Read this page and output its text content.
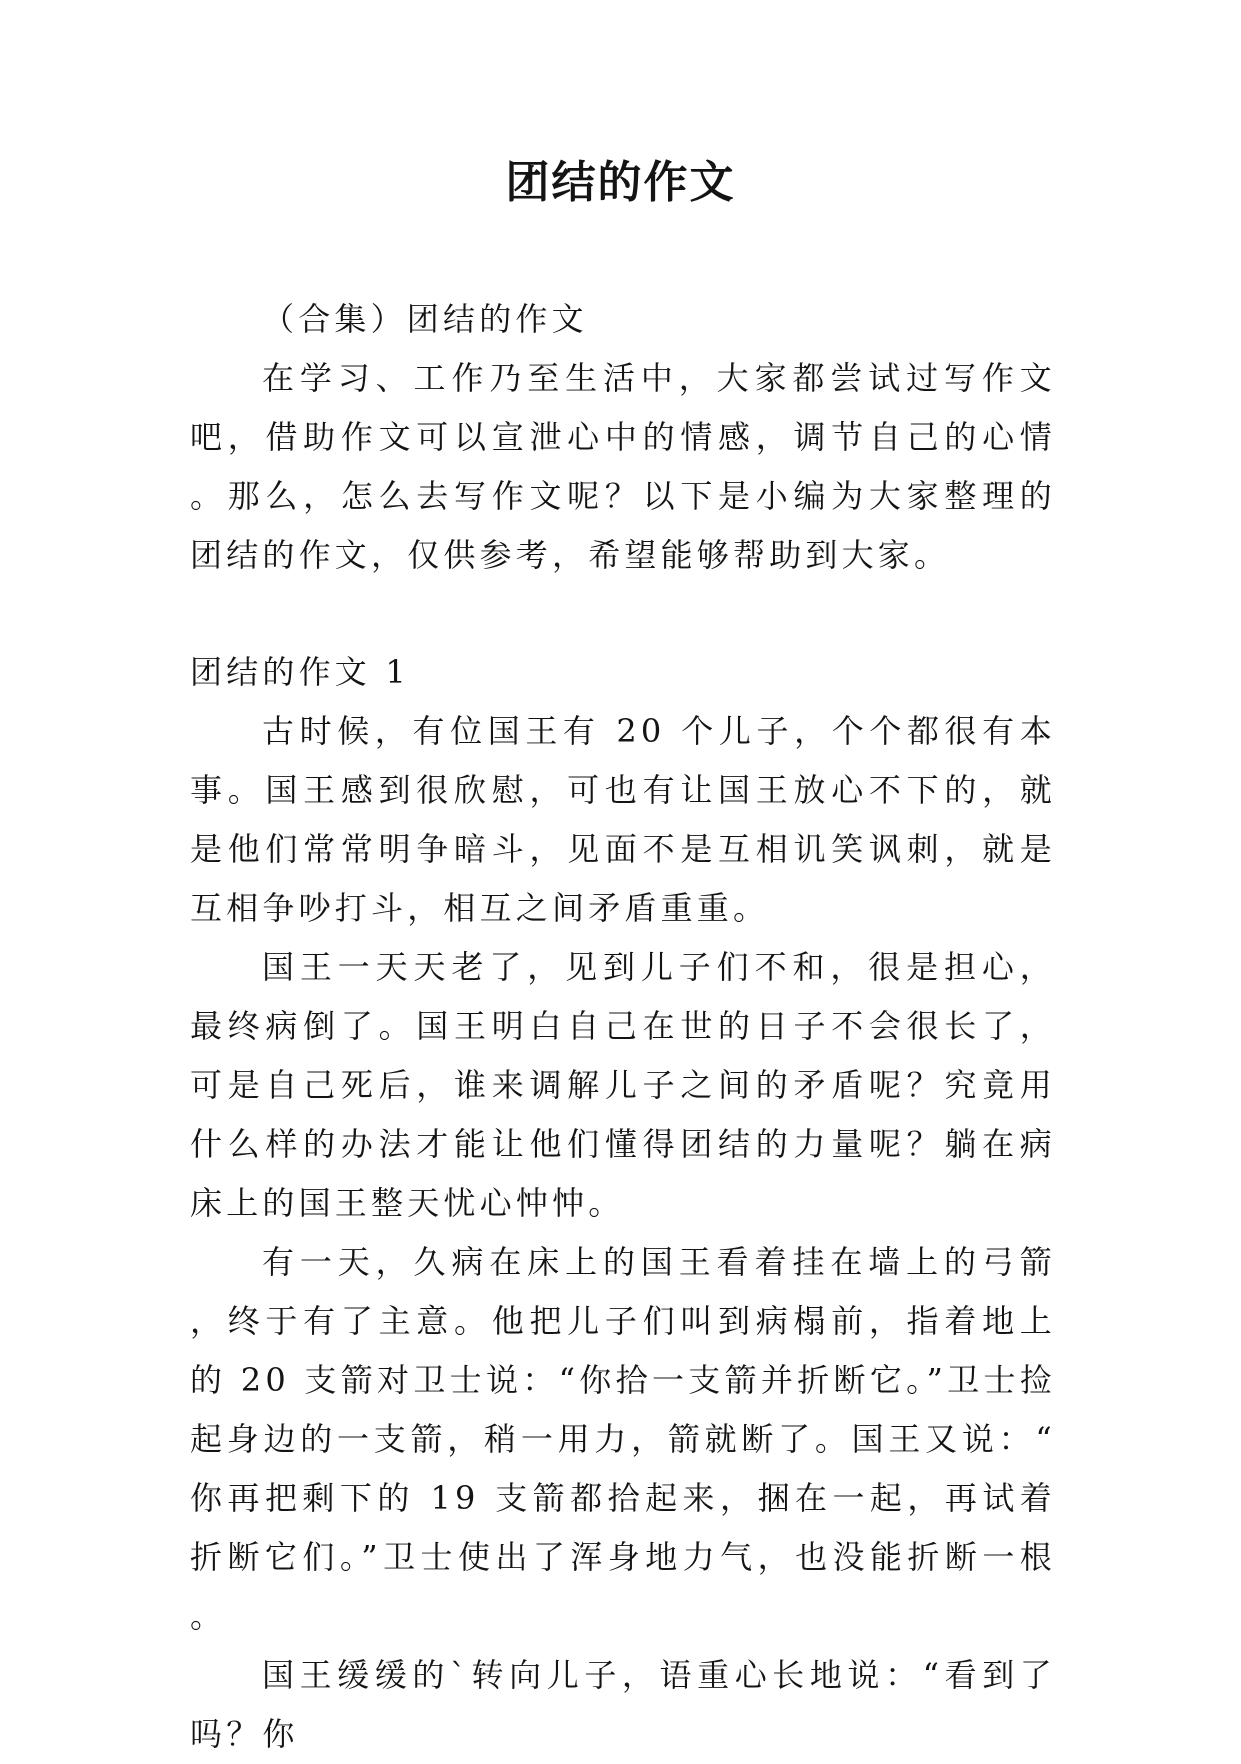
团结的作文

（合集）团结的作文

在学习、工作乃至生活中，大家都尝试过写作文吧，借助作文可以宣泄心中的情感，调节自己的心情。那么，怎么去写作文呢？以下是小编为大家整理的团结的作文，仅供参考，希望能够帮助到大家。

团结的作文 1

古时候，有位国王有 20 个儿子，个个都很有本事。国王感到很欣慰，可也有让国王放心不下的，就是他们常常明争暗斗，见面不是互相讥笑讽刺，就是互相争吵打斗，相互之间矛盾重重。

国王一天天老了，见到儿子们不和，很是担心，最终病倒了。国王明白自己在世的日子不会很长了，可是自己死后，谁来调解儿子之间的矛盾呢？究竟用什么样的办法才能让他们懂得团结的力量呢？躺在病床上的国王整天忧心忡忡。

有一天，久病在床上的国王看着挂在墙上的弓箭，终于有了主意。他把儿子们叫到病榻前，指着地上的 20 支箭对卫士说：“你拾一支箭并折断它。”卫士捡起身边的一支箭，稍一用力，箭就断了。国王又说：“你再把剩下的 19 支箭都拾起来，捆在一起，再试着折断它们。”卫士使出了浑身地力气，也没能折断一根。

国王缓缓的`转向儿子，语重心长地说：“看到了吗？你
